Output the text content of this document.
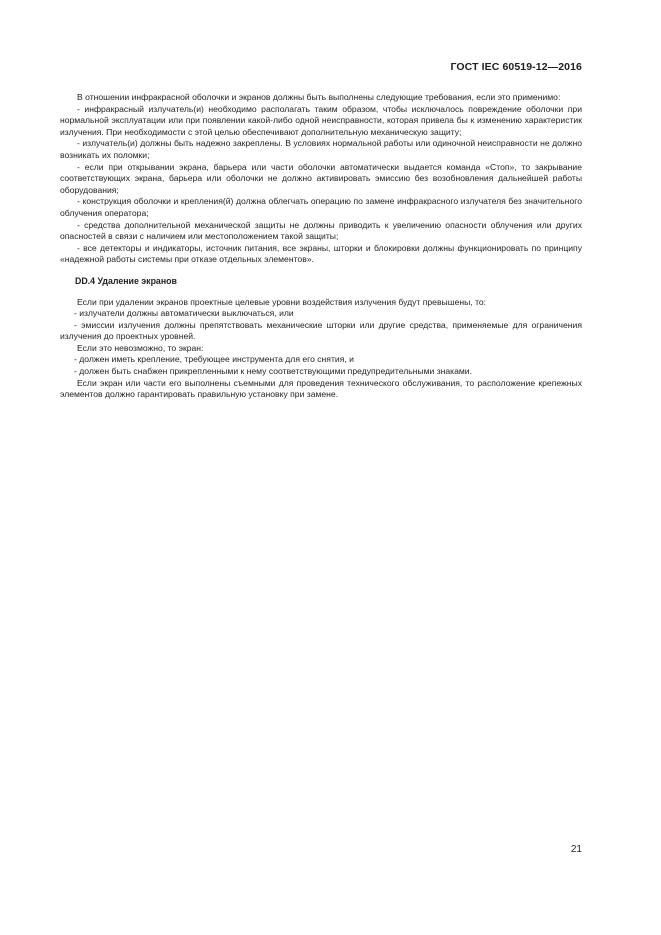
ГОСТ IEC 60519-12—2016

В отношении инфракрасной оболочки и экранов должны быть выполнены следующие требования, если это применимо:

- инфракрасный излучатель(и) необходимо располагать таким образом, чтобы исключалось повреждение оболочки при нормальной эксплуатации или при появлении какой-либо одной неисправности, которая привела бы к изменению характеристик излучения. При необходимости с этой целью обеспечивают дополнительную механическую защиту;

- излучатель(и) должны быть надежно закреплены. В условиях нормальной работы или одиночной неисправности не должно возникать их поломки;

- если при открывании экрана, барьера или части оболочки автоматически выдается команда «Стоп», то закрывание соответствующих экрана, барьера или оболочки не должно активировать эмиссию без возобновления дальнейшей работы оборудования;

- конструкция оболочки и крепления(й) должна облегчать операцию по замене инфракрасного излучателя без значительного облучения оператора;

- средства дополнительной механической защиты не должны приводить к увеличению опасности облучения или других опасностей в связи с наличием или местоположением такой защиты;

- все детекторы и индикаторы, источник питания, все экраны, шторки и блокировки должны функционировать по принципу «надежной работы системы при отказе отдельных элементов».

DD.4 Удаление экранов

Если при удалении экранов проектные целевые уровни воздействия излучения будут превышены, то:

- излучатели должны автоматически выключаться, или

- эмиссии излучения должны препятствовать механические шторки или другие средства, применяемые для ограничения излучения до проектных уровней.

Если это невозможно, то экран:

- должен иметь крепление, требующее инструмента для его снятия, и

- должен быть снабжен прикрепленными к нему соответствующими предупредительными знаками.

Если экран или части его выполнены съемными для проведения технического обслуживания, то расположение крепежных элементов должно гарантировать правильную установку при замене.

21
